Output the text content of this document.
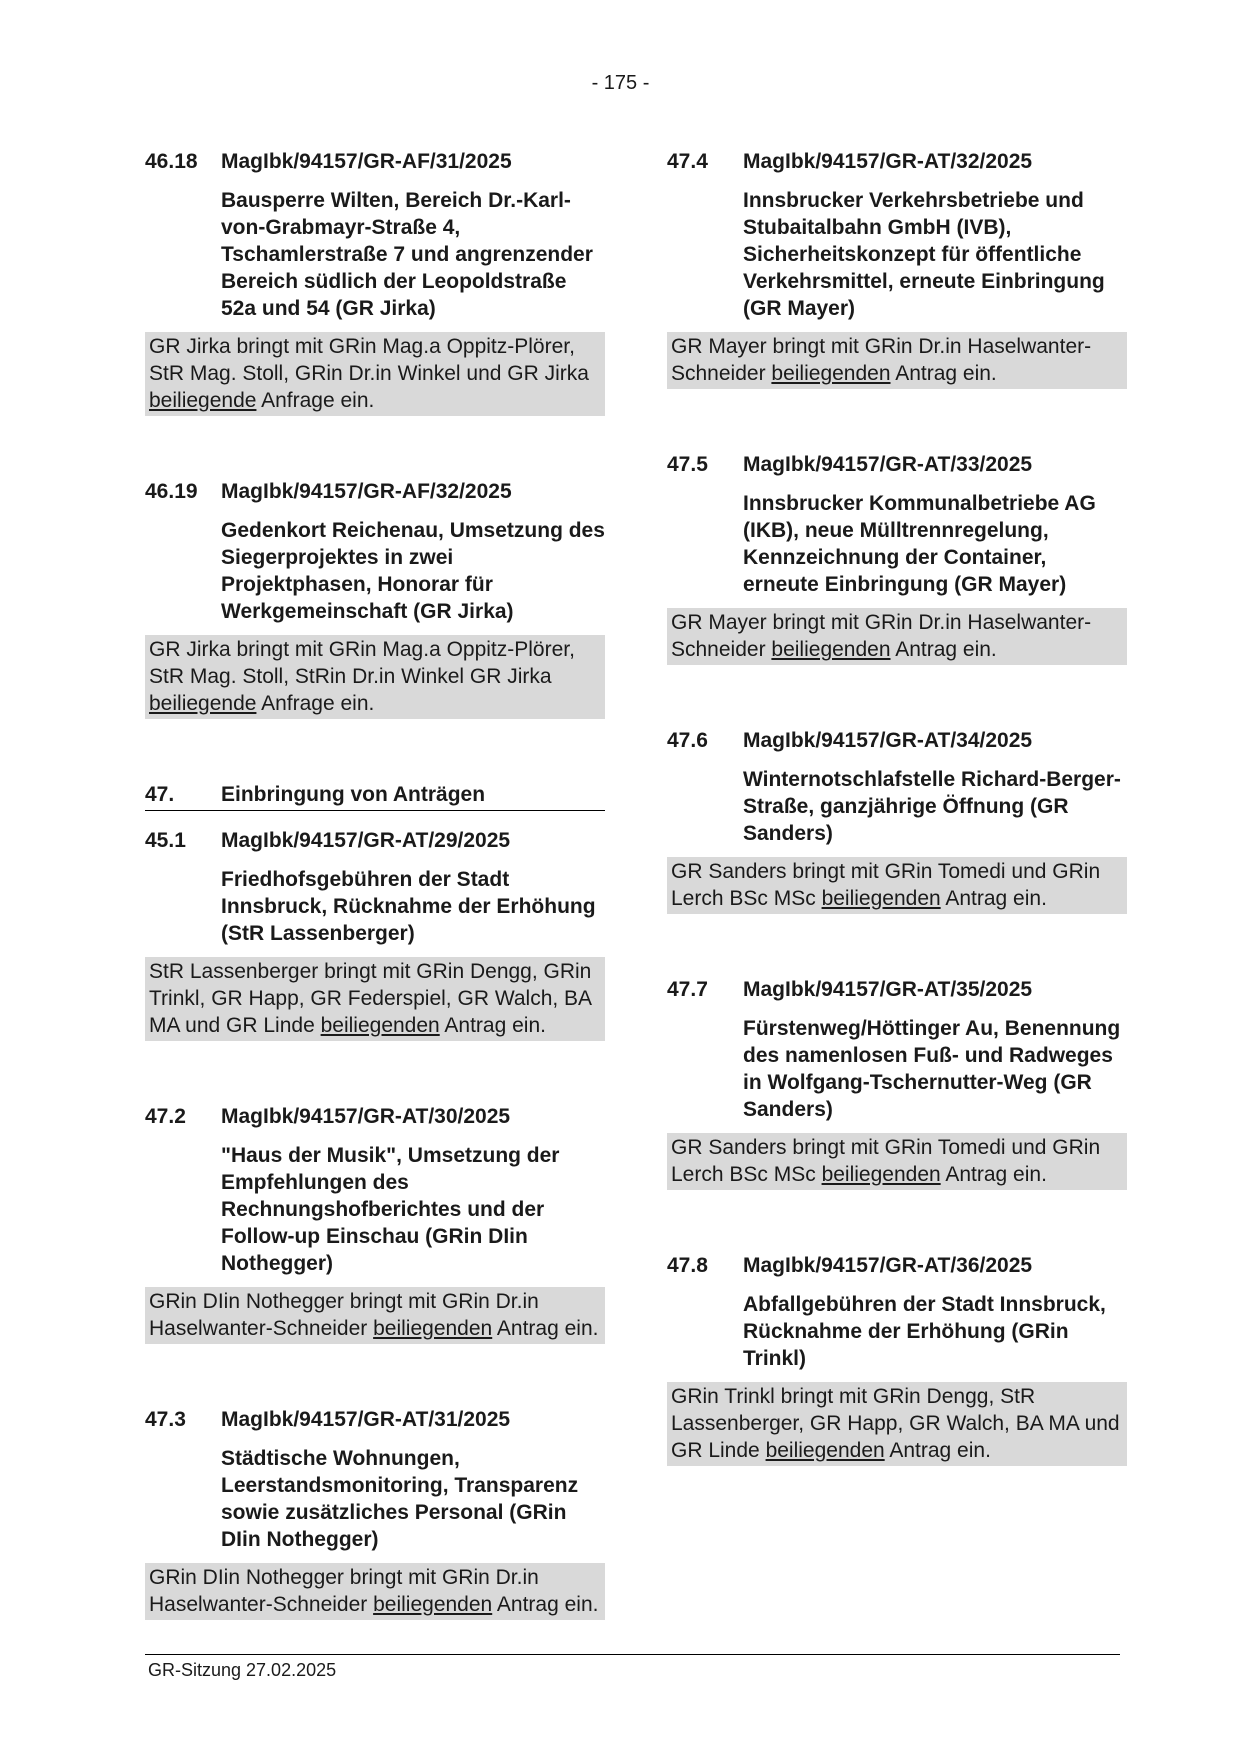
- 175 -
46.18	MagIbk/94157/GR-AF/31/2025
Bausperre Wilten, Bereich Dr.-Karl-von-Grabmayr-Straße 4, Tschamlerstraße 7 und angrenzender Bereich südlich der Leopoldstraße 52a und 54 (GR Jirka)
GR Jirka bringt mit GRin Mag.a Oppitz-Plörer, StR Mag. Stoll, GRin Dr.in Winkel und GR Jirka beiliegende Anfrage ein.
46.19	MagIbk/94157/GR-AF/32/2025
Gedenkort Reichenau, Umsetzung des Siegerprojektes in zwei Projektphasen, Honorar für Werkgemeinschaft (GR Jirka)
GR Jirka bringt mit GRin Mag.a Oppitz-Plörer, StR Mag. Stoll, StRin Dr.in Winkel GR Jirka beiliegende Anfrage ein.
47.	Einbringung von Anträgen
45.1	MagIbk/94157/GR-AT/29/2025
Friedhofsgebühren der Stadt Innsbruck, Rücknahme der Erhöhung (StR Lassenberger)
StR Lassenberger bringt mit GRin Dengg, GRin Trinkl, GR Happ, GR Federspiel, GR Walch, BA MA und GR Linde beiliegenden Antrag ein.
47.2	MagIbk/94157/GR-AT/30/2025
"Haus der Musik", Umsetzung der Empfehlungen des Rechnungshofberichtes und der Follow-up Einschau (GRin DIin Nothegger)
GRin DIin Nothegger bringt mit GRin Dr.in Haselwanter-Schneider beiliegenden Antrag ein.
47.3	MagIbk/94157/GR-AT/31/2025
Städtische Wohnungen, Leerstandsmonitoring, Transparenz sowie zusätzliches Personal (GRin DIin Nothegger)
GRin DIin Nothegger bringt mit GRin Dr.in Haselwanter-Schneider beiliegenden Antrag ein.
47.4	MagIbk/94157/GR-AT/32/2025
Innsbrucker Verkehrsbetriebe und Stubaitalbahn GmbH (IVB), Sicherheitskonzept für öffentliche Verkehrsmittel, erneute Einbringung (GR Mayer)
GR Mayer bringt mit GRin Dr.in Haselwanter-Schneider beiliegenden Antrag ein.
47.5	MagIbk/94157/GR-AT/33/2025
Innsbrucker Kommunalbetriebe AG (IKB), neue Mülltrennregelung, Kennzeichnung der Container, erneute Einbringung (GR Mayer)
GR Mayer bringt mit GRin Dr.in Haselwanter-Schneider beiliegenden Antrag ein.
47.6	MagIbk/94157/GR-AT/34/2025
Winternotschlafstelle Richard-Berger-Straße, ganzjährige Öffnung (GR Sanders)
GR Sanders bringt mit GRin Tomedi und GRin Lerch BSc MSc beiliegenden Antrag ein.
47.7	MagIbk/94157/GR-AT/35/2025
Fürstenweg/Höttinger Au, Benennung des namenlosen Fuß- und Radweges in Wolfgang-Tschernutter-Weg (GR Sanders)
GR Sanders bringt mit GRin Tomedi und GRin Lerch BSc MSc beiliegenden Antrag ein.
47.8	MagIbk/94157/GR-AT/36/2025
Abfallgebühren der Stadt Innsbruck, Rücknahme der Erhöhung (GRin Trinkl)
GRin Trinkl bringt mit GRin Dengg, StR Lassenberger, GR Happ, GR Walch, BA MA und GR Linde beiliegenden Antrag ein.
GR-Sitzung 27.02.2025
